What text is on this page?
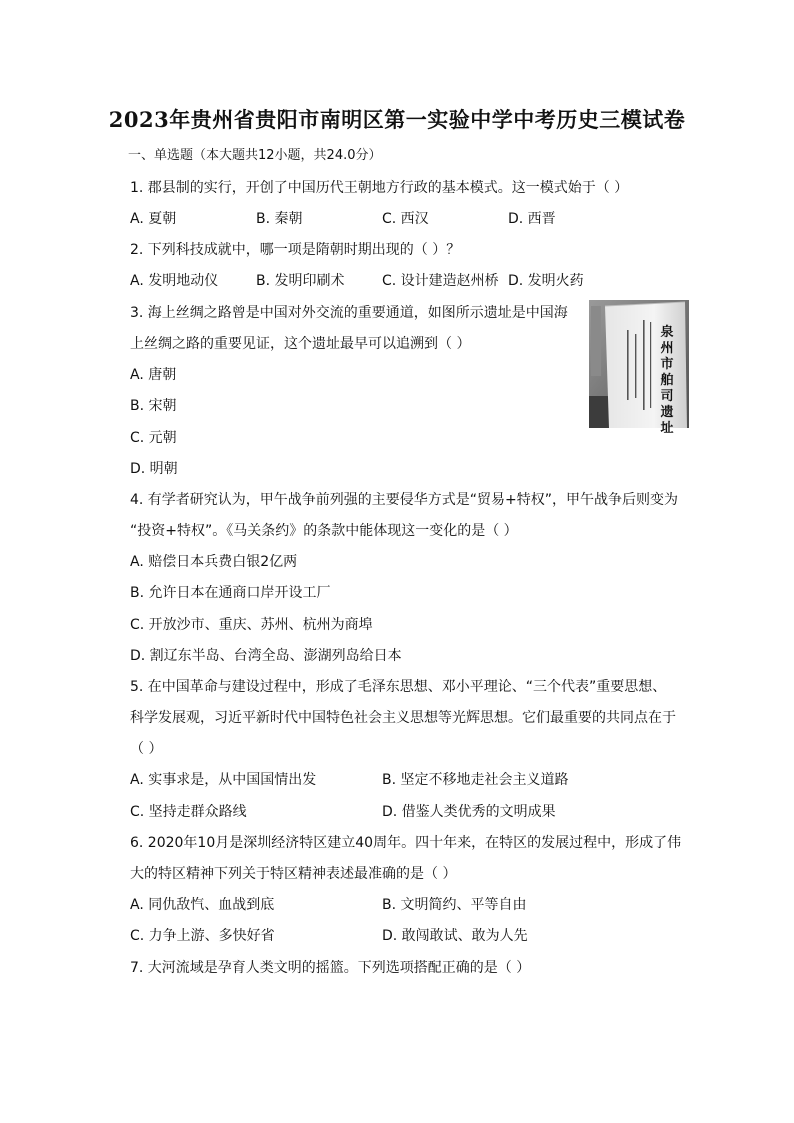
2023年贵州省贵阳市南明区第一实验中学中考历史三模试卷
一、单选题（本大题共12小题，共24.0分）
1. 郡县制的实行，开创了中国历代王朝地方行政的基本模式。这一模式始于（ ）
A. 夏朝	B. 秦朝	C. 西汉	D. 西晋
2. 下列科技成就中，哪一项是隋朝时期出现的（ ）？
A. 发明地动仪	B. 发明印刷术	C. 设计建造赵州桥 D. 发明火药
3. 海上丝绸之路曾是中国对外交流的重要通道，如图所示遗址是中国海
上丝绸之路的重要见证，这个遗址最早可以追溯到（ ）
A. 唐朝
B. 宋朝
C. 元朝
D. 明朝
泉
州
市
舶
司
遗
址
4. 有学者研究认为，甲午战争前列强的主要侵华方式是“贸易+特权”，甲午战争后则变为
“投资+特权”。《马关条约》的条款中能体现这一变化的是（ ）
A. 赔偿日本兵费白银2亿两
B. 允许日本在通商口岸开设工厂
C. 开放沙市、重庆、苏州、杭州为商埠
D. 割辽东半岛、台湾全岛、澎湖列岛给日本
5. 在中国革命与建设过程中，形成了毛泽东思想、邓小平理论、“三个代表”重要思想、
科学发展观，习近平新时代中国特色社会主义思想等光辉思想。它们最重要的共同点在于
（ ）
A. 实事求是，从中国国情出发	B. 坚定不移地走社会主义道路
C. 坚持走群众路线	D. 借鉴人类优秀的文明成果
6. 2020年10月是深圳经济特区建立40周年。四十年来，在特区的发展过程中，形成了伟
大的特区精神下列关于特区精神表述最准确的是（ ）
A. 同仇敌忾、血战到底	B. 文明简约、平等自由
C. 力争上游、多快好省	D. 敢闯敢试、敢为人先
7. 大河流域是孕育人类文明的摇篮。下列选项搭配正确的是（ ）
